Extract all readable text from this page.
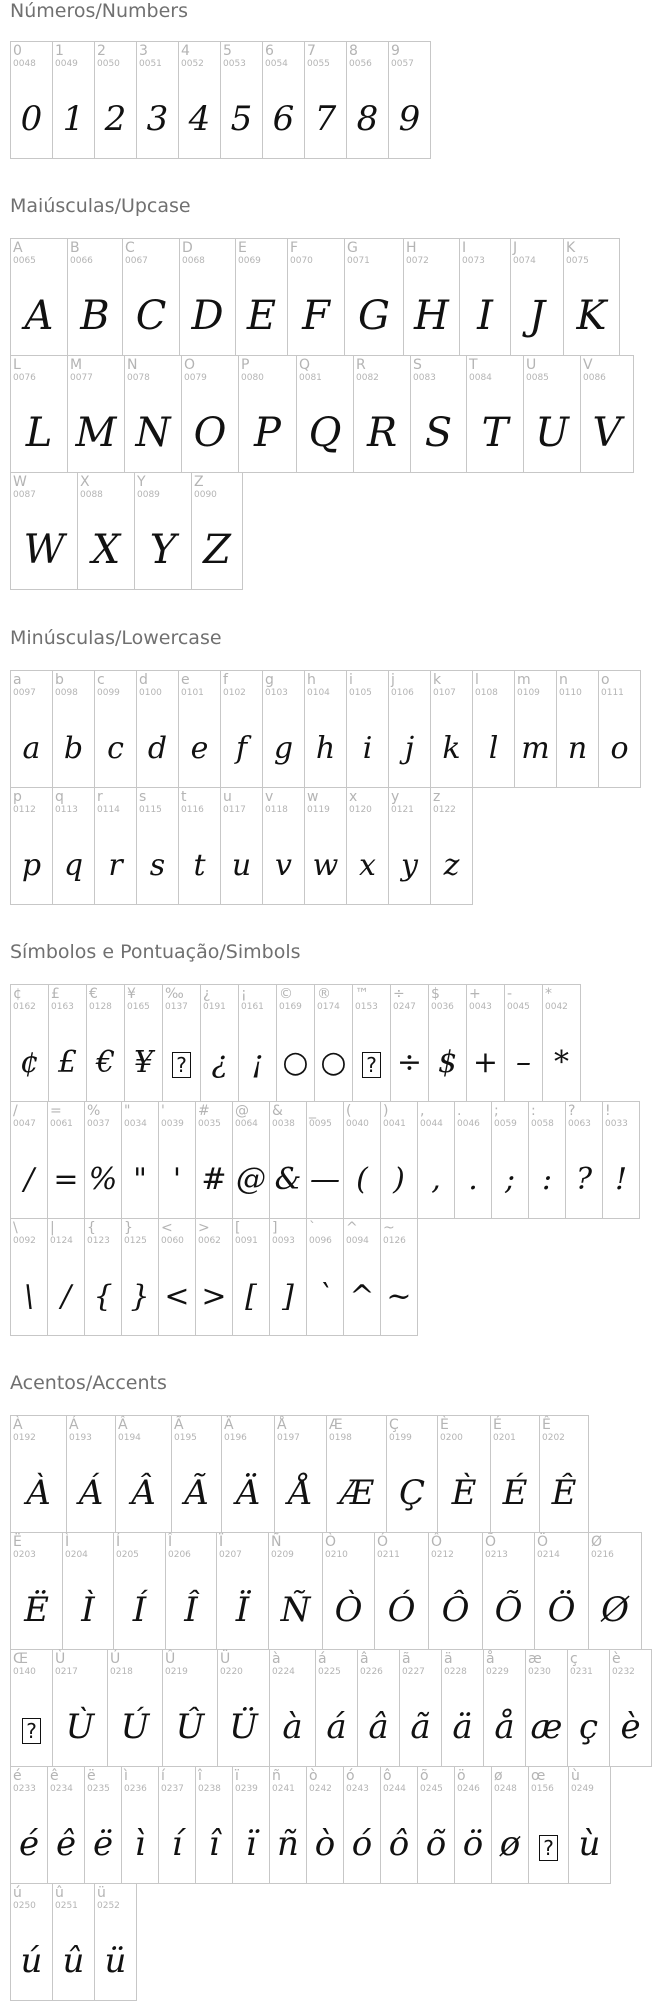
Números/Numbers
0
0048
0
1
0049
1
2
0050
2
3
0051
3
4
0052
4
5
0053
5
6
0054
6
7
0055
7
8
0056
8
9
0057
9
Maiúsculas/Upcase
A
0065
A
B
0066
B
C
0067
C
D
0068
D
E
0069
E
F
0070
F
G
0071
G
H
0072
H
I
0073
I
J
0074
J
K
0075
K
L
0076
L
M
0077
M
N
0078
N
O
0079
O
P
0080
P
Q
0081
Q
R
0082
R
S
0083
S
T
0084
T
U
0085
U
V
0086
V
W
0087
W
X
0088
X
Y
0089
Y
Z
0090
Z
Minúsculas/Lowercase
a
0097
a
b
0098
b
c
0099
c
d
0100
d
e
0101
e
f
0102
f
g
0103
g
h
0104
h
i
0105
i
j
0106
j
k
0107
k
l
0108
l
m
0109
m
n
0110
n
o
0111
o
p
0112
p
q
0113
q
r
0114
r
s
0115
s
t
0116
t
u
0117
u
v
0118
v
w
0119
w
x
0120
x
y
0121
y
z
0122
z
Símbolos e Pontuação/Simbols
¢
0162
¢
£
0163
£
€
0128
€
¥
0165
¥
‰
0137
?
¿
0191
¿
¡
0161
¡
©
0169
○
®
0174
○
™
0153
?
÷
0247
÷
$
0036
$
+
0043
+
-
0045
–
*
0042
*
/
0047
/
=
0061
=
%
0037
%
"
0034
"
'
0039
'
#
0035
#
@
0064
@
&
0038
&
_
0095
—
(
0040
(
)
0041
)
,
0044
,
.
0046
.
;
0059
;
:
0058
:
?
0063
?
!
0033
!
\
0092
\
|
0124
/
{
0123
{
}
0125
}
<
0060
<
>
0062
>
[
0091
[
]
0093
]
`
0096
`
^
0094
^
~
0126
~
Acentos/Accents
À
0192
À
Á
0193
Á
Â
0194
Â
Ã
0195
Ã
Ä
0196
Ä
Å
0197
Å
Æ
0198
Æ
Ç
0199
Ç
È
0200
È
É
0201
É
Ê
0202
Ê
Ë
0203
Ë
Ì
0204
Ì
Í
0205
Í
Î
0206
Î
Ï
0207
Ï
Ñ
0209
Ñ
Ò
0210
Ò
Ó
0211
Ó
Ô
0212
Ô
Õ
0213
Õ
Ö
0214
Ö
Ø
0216
Ø
Œ
0140
?
Ù
0217
Ù
Ú
0218
Ú
Û
0219
Û
Ü
0220
Ü
à
0224
à
á
0225
á
â
0226
â
ã
0227
ã
ä
0228
ä
å
0229
å
æ
0230
æ
ç
0231
ç
è
0232
è
é
0233
é
ê
0234
ê
ë
0235
ë
ì
0236
ì
í
0237
í
î
0238
î
ï
0239
ï
ñ
0241
ñ
ò
0242
ò
ó
0243
ó
ô
0244
ô
õ
0245
õ
ö
0246
ö
ø
0248
ø
œ
0156
?
ù
0249
ù
ú
0250
ú
û
0251
û
ü
0252
ü
